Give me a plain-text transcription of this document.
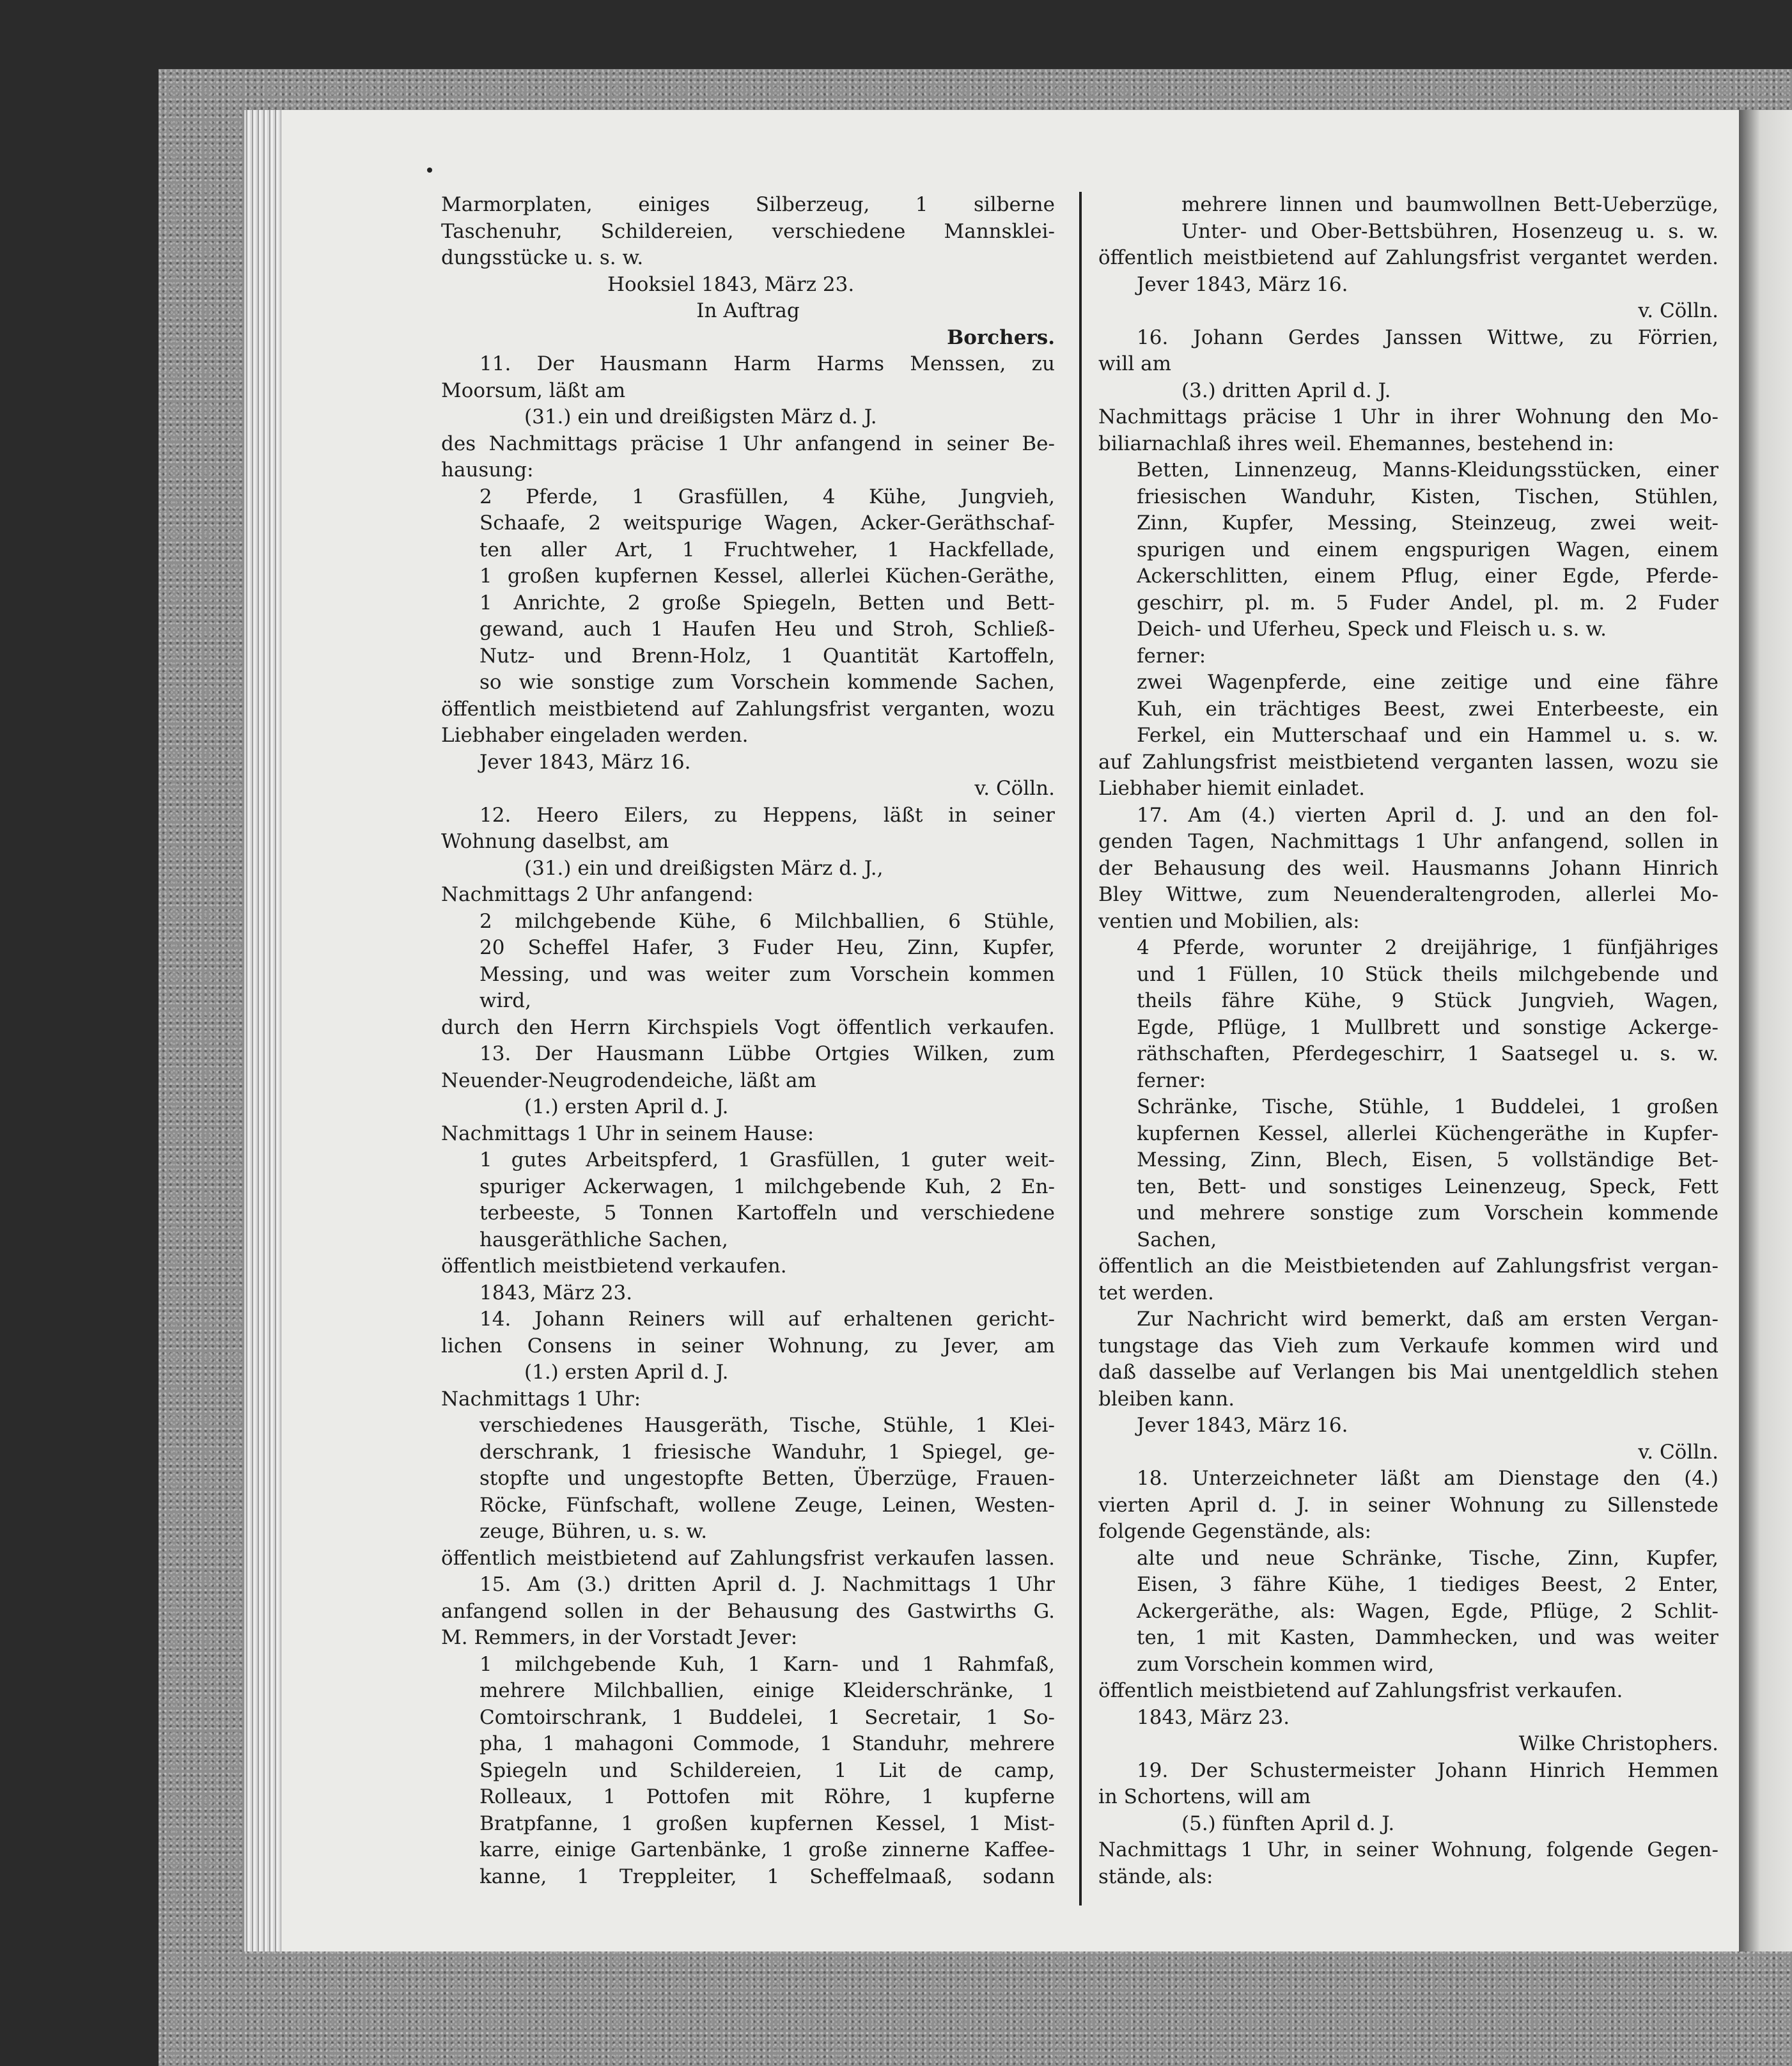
Marmorplaten, einiges Silberzeug, 1 silberne
Taschenuhr, Schildereien, verschiedene Mannsklei-
dungsstücke u. s. w.
Hooksiel 1843, März 23.
In Auftrag
Borchers.
11. Der Hausmann Harm Harms Menssen, zu
Moorsum, läßt am
(31.) ein und dreißigsten März d. J.
des Nachmittags präcise 1 Uhr anfangend in seiner Be-
hausung:
2 Pferde, 1 Grasfüllen, 4 Kühe, Jungvieh,
Schaafe, 2 weitspurige Wagen, Acker-Geräthschaf-
ten aller Art, 1 Fruchtweher, 1 Hackfellade,
1 großen kupfernen Kessel, allerlei Küchen-Geräthe,
1 Anrichte, 2 große Spiegeln, Betten und Bett-
gewand, auch 1 Haufen Heu und Stroh, Schließ-
Nutz- und Brenn-Holz, 1 Quantität Kartoffeln,
so wie sonstige zum Vorschein kommende Sachen,
öffentlich meistbietend auf Zahlungsfrist verganten, wozu
Liebhaber eingeladen werden.
Jever 1843, März 16.
v. Cölln.
12. Heero Eilers, zu Heppens, läßt in seiner
Wohnung daselbst, am
(31.) ein und dreißigsten März d. J.,
Nachmittags 2 Uhr anfangend:
2 milchgebende Kühe, 6 Milchballien, 6 Stühle,
20 Scheffel Hafer, 3 Fuder Heu, Zinn, Kupfer,
Messing, und was weiter zum Vorschein kommen
wird,
durch den Herrn Kirchspiels Vogt öffentlich verkaufen.
13. Der Hausmann Lübbe Ortgies Wilken, zum
Neuender-Neugrodendeiche, läßt am
(1.) ersten April d. J.
Nachmittags 1 Uhr in seinem Hause:
1 gutes Arbeitspferd, 1 Grasfüllen, 1 guter weit-
spuriger Ackerwagen, 1 milchgebende Kuh, 2 En-
terbeeste, 5 Tonnen Kartoffeln und verschiedene
hausgeräthliche Sachen,
öffentlich meistbietend verkaufen.
1843, März 23.
14. Johann Reiners will auf erhaltenen gericht-
lichen Consens in seiner Wohnung, zu Jever, am
(1.) ersten April d. J.
Nachmittags 1 Uhr:
verschiedenes Hausgeräth, Tische, Stühle, 1 Klei-
derschrank, 1 friesische Wanduhr, 1 Spiegel, ge-
stopfte und ungestopfte Betten, Überzüge, Frauen-
Röcke, Fünfschaft, wollene Zeuge, Leinen, Westen-
zeuge, Bühren, u. s. w.
öffentlich meistbietend auf Zahlungsfrist verkaufen lassen.
15. Am (3.) dritten April d. J. Nachmittags 1 Uhr
anfangend sollen in der Behausung des Gastwirths G.
M. Remmers, in der Vorstadt Jever:
1 milchgebende Kuh, 1 Karn- und 1 Rahmfaß,
mehrere Milchballien, einige Kleiderschränke, 1
Comtoirschrank, 1 Buddelei, 1 Secretair, 1 So-
pha, 1 mahagoni Commode, 1 Standuhr, mehrere
Spiegeln und Schildereien, 1 Lit de camp,
Rolleaux, 1 Pottofen mit Röhre, 1 kupferne
Bratpfanne, 1 großen kupfernen Kessel, 1 Mist-
karre, einige Gartenbänke, 1 große zinnerne Kaffee-
kanne, 1 Treppleiter, 1 Scheffelmaaß, sodann
mehrere linnen und baumwollnen Bett-Ueberzüge,
Unter- und Ober-Bettsbühren, Hosenzeug u. s. w.
öffentlich meistbietend auf Zahlungsfrist vergantet werden.
Jever 1843, März 16.
v. Cölln.
16. Johann Gerdes Janssen Wittwe, zu Förrien,
will am
(3.) dritten April d. J.
Nachmittags präcise 1 Uhr in ihrer Wohnung den Mo-
biliarnachlaß ihres weil. Ehemannes, bestehend in:
Betten, Linnenzeug, Manns-Kleidungsstücken, einer
friesischen Wanduhr, Kisten, Tischen, Stühlen,
Zinn, Kupfer, Messing, Steinzeug, zwei weit-
spurigen und einem engspurigen Wagen, einem
Ackerschlitten, einem Pflug, einer Egde, Pferde-
geschirr, pl. m. 5 Fuder Andel, pl. m. 2 Fuder
Deich- und Uferheu, Speck und Fleisch u. s. w.
ferner:
zwei Wagenpferde, eine zeitige und eine fähre
Kuh, ein trächtiges Beest, zwei Enterbeeste, ein
Ferkel, ein Mutterschaaf und ein Hammel u. s. w.
auf Zahlungsfrist meistbietend verganten lassen, wozu sie
Liebhaber hiemit einladet.
17. Am (4.) vierten April d. J. und an den fol-
genden Tagen, Nachmittags 1 Uhr anfangend, sollen in
der Behausung des weil. Hausmanns Johann Hinrich
Bley Wittwe, zum Neuenderaltengroden, allerlei Mo-
ventien und Mobilien, als:
4 Pferde, worunter 2 dreijährige, 1 fünfjähriges
und 1 Füllen, 10 Stück theils milchgebende und
theils fähre Kühe, 9 Stück Jungvieh, Wagen,
Egde, Pflüge, 1 Mullbrett und sonstige Ackerge-
räthschaften, Pferdegeschirr, 1 Saatsegel u. s. w.
ferner:
Schränke, Tische, Stühle, 1 Buddelei, 1 großen
kupfernen Kessel, allerlei Küchengeräthe in Kupfer-
Messing, Zinn, Blech, Eisen, 5 vollständige Bet-
ten, Bett- und sonstiges Leinenzeug, Speck, Fett
und mehrere sonstige zum Vorschein kommende
Sachen,
öffentlich an die Meistbietenden auf Zahlungsfrist vergan-
tet werden.
Zur Nachricht wird bemerkt, daß am ersten Vergan-
tungstage das Vieh zum Verkaufe kommen wird und
daß dasselbe auf Verlangen bis Mai unentgeldlich stehen
bleiben kann.
Jever 1843, März 16.
v. Cölln.
18. Unterzeichneter läßt am Dienstage den (4.)
vierten April d. J. in seiner Wohnung zu Sillenstede
folgende Gegenstände, als:
alte und neue Schränke, Tische, Zinn, Kupfer,
Eisen, 3 fähre Kühe, 1 tiediges Beest, 2 Enter,
Ackergeräthe, als: Wagen, Egde, Pflüge, 2 Schlit-
ten, 1 mit Kasten, Dammhecken, und was weiter
zum Vorschein kommen wird,
öffentlich meistbietend auf Zahlungsfrist verkaufen.
1843, März 23.
Wilke Christophers.
19. Der Schustermeister Johann Hinrich Hemmen
in Schortens, will am
(5.) fünften April d. J.
Nachmittags 1 Uhr, in seiner Wohnung, folgende Gegen-
stände, als:
